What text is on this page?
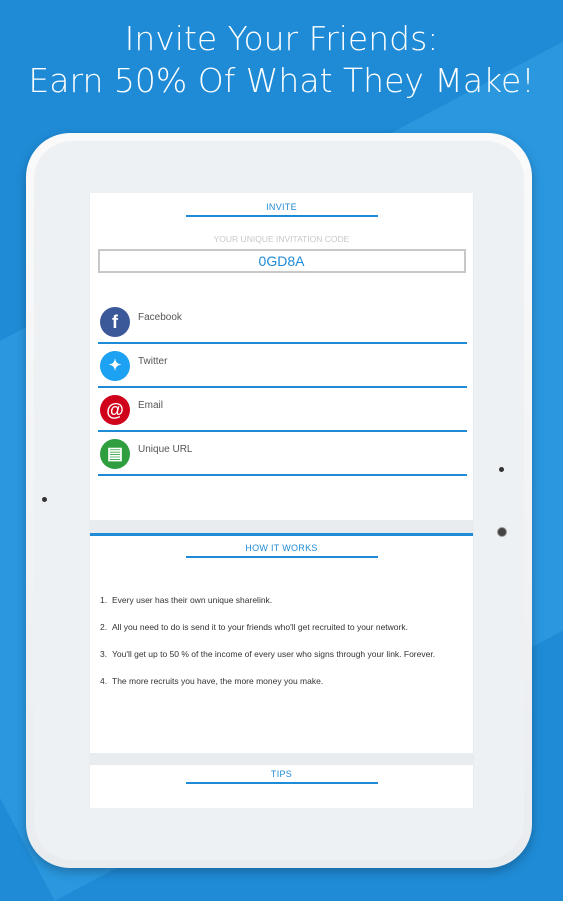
Invite Your Friends:
Earn 50% Of What They Make!
INVITE
YOUR UNIQUE INVITATION CODE
0GD8A
f	Facebook
✦	Twitter
@	Email
▤	Unique URL
HOW IT WORKS
1. Every user has their own unique sharelink.
2. All you need to do is send it to your friends who'll get recruited to your network.
3. You'll get up to 50 % of the income of every user who signs through your link. Forever.
4. The more recruits you have, the more money you make.
TIPS
